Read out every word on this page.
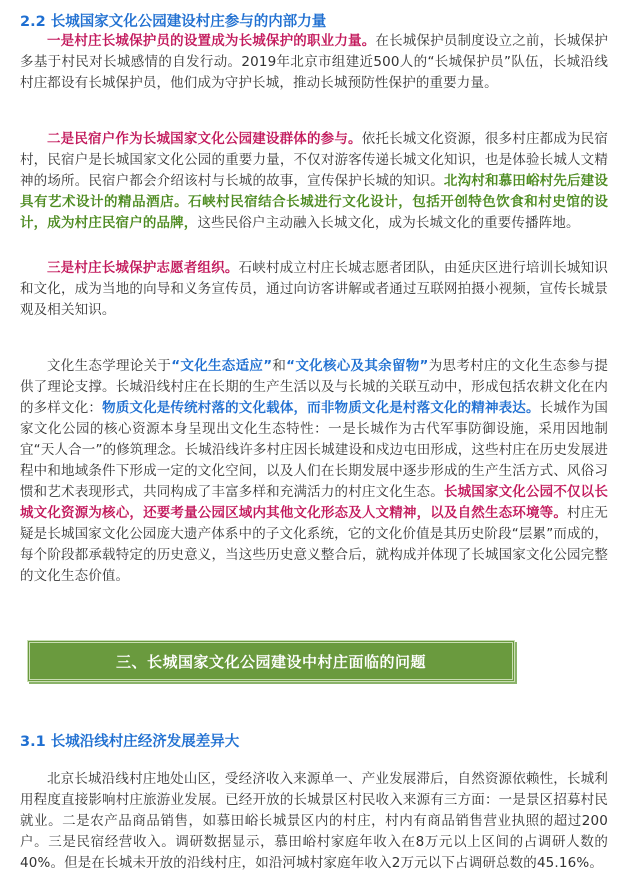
2.2 长城国家文化公园建设村庄参与的内部力量

一是村庄长城保护员的设置成为长城保护的职业力量。在长城保护员制度设立之前，长城保护多基于村民对长城感情的自发行动。2019年北京市组建近500人的“长城保护员”队伍，长城沿线村庄都设有长城保护员，他们成为守护长城，推动长城预防性保护的重要力量。

二是民宿户作为长城国家文化公园建设群体的参与。依托长城文化资源，很多村庄都成为民宿村，民宿户是长城国家文化公园的重要力量，不仅对游客传递长城文化知识，也是体验长城人文精神的场所。民宿户都会介绍该村与长城的故事，宣传保护长城的知识。北沟村和慕田峪村先后建设具有艺术设计的精品酒店。石峡村民宿结合长城进行文化设计，包括开创特色饮食和村史馆的设计，成为村庄民宿户的品牌，这些民俗户主动融入长城文化，成为长城文化的重要传播阵地。

三是村庄长城保护志愿者组织。石峡村成立村庄长城志愿者团队，由延庆区进行培训长城知识和文化，成为当地的向导和义务宣传员，通过向访客讲解或者通过互联网拍摄小视频，宣传长城景观及相关知识。

文化生态学理论关于“文化生态适应”和“文化核心及其余留物”为思考村庄的文化生态参与提供了理论支撑。长城沿线村庄在长期的生产生活以及与长城的关联互动中，形成包括农耕文化在内的多样文化：物质文化是传统村落的文化载体，而非物质文化是村落文化的精神表达。长城作为国家文化公园的核心资源本身呈现出文化生态特性：一是长城作为古代军事防御设施，采用因地制宜“天人合一”的修筑理念。长城沿线许多村庄因长城建设和戍边屯田形成，这些村庄在历史发展进程中和地域条件下形成一定的文化空间，以及人们在长期发展中逐步形成的生产生活方式、风俗习惯和艺术表现形式，共同构成了丰富多样和充满活力的村庄文化生态。长城国家文化公园不仅以长城文化资源为核心，还要考量公园区域内其他文化形态及人文精神，以及自然生态环境等。村庄无疑是长城国家文化公园庞大遗产体系中的子文化系统，它的文化价值是其历史阶段“层累”而成的，每个阶段都承载特定的历史意义，当这些历史意义整合后，就构成并体现了长城国家文化公园完整的文化生态价值。

三、长城国家文化公园建设中村庄面临的问题
3.1 长城沿线村庄经济发展差异大

北京长城沿线村庄地处山区，受经济收入来源单一、产业发展滞后，自然资源依赖性，长城利用程度直接影响村庄旅游业发展。已经开放的长城景区村民收入来源有三方面：一是景区招募村民就业。二是农产品商品销售，如慕田峪长城景区内的村庄，村内有商品销售营业执照的超过200户。三是民宿经营收入。调研数据显示，慕田峪村家庭年收入在8万元以上区间的占调研人数的40%。但是在长城未开放的沿线村庄，如沿河城村家庭年收入2万元以下占调研总数的45.16%。
